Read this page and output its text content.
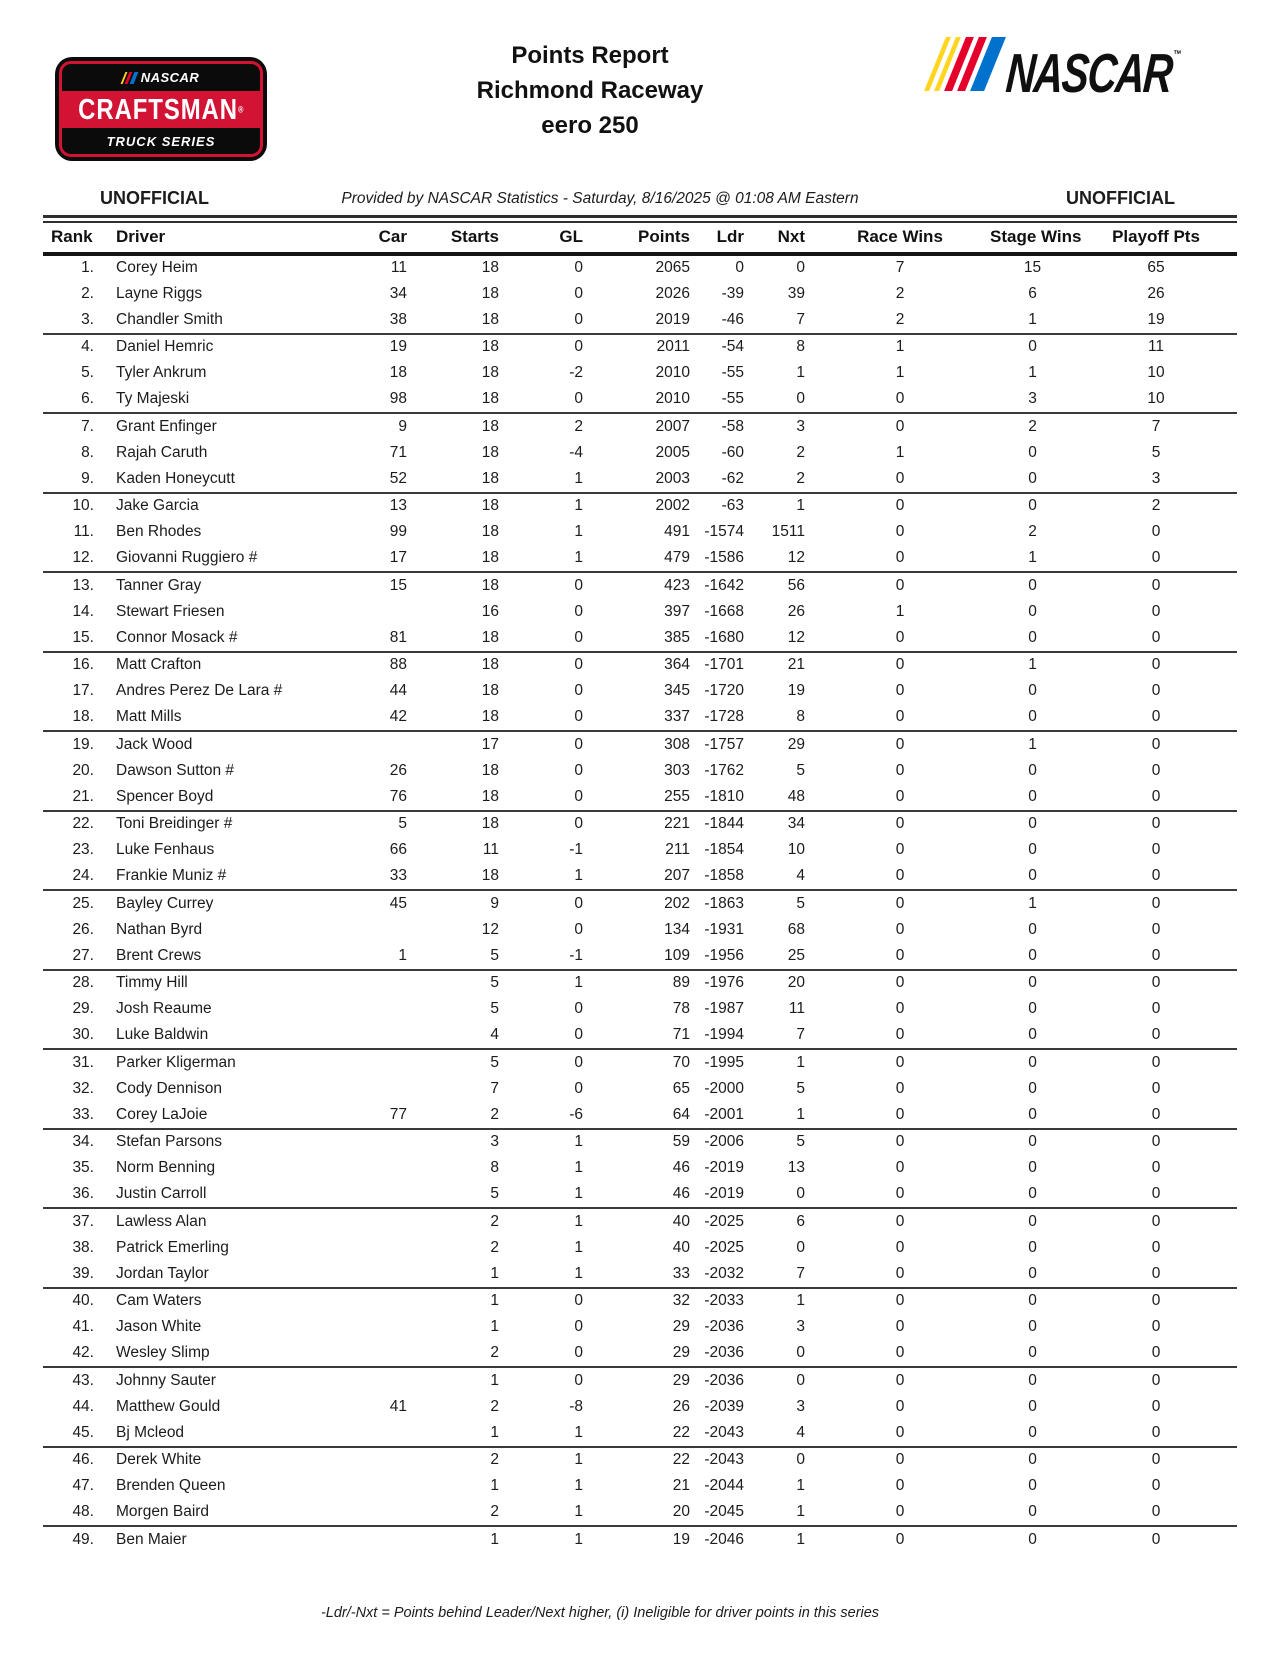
NASCAR
CRAFTSMAN®
TRUCK SERIES
Points Report
Richmond Raceway
eero 250
NASCAR™
UNOFFICIAL	Provided by NASCAR Statistics - Saturday, 8/16/2025 @ 01:08 AM Eastern	UNOFFICIAL
Rank	Driver	Car	Starts	GL	Points	Ldr	Nxt	Race Wins	Stage Wins	Playoff Pts
1.	Corey Heim	11	18	0	2065	0	0	7	15	65
2.	Layne Riggs	34	18	0	2026	-39	39	2	6	26
3.	Chandler Smith	38	18	0	2019	-46	7	2	1	19
4.	Daniel Hemric	19	18	0	2011	-54	8	1	0	11
5.	Tyler Ankrum	18	18	-2	2010	-55	1	1	1	10
6.	Ty Majeski	98	18	0	2010	-55	0	0	3	10
7.	Grant Enfinger	9	18	2	2007	-58	3	0	2	7
8.	Rajah Caruth	71	18	-4	2005	-60	2	1	0	5
9.	Kaden Honeycutt	52	18	1	2003	-62	2	0	0	3
10.	Jake Garcia	13	18	1	2002	-63	1	0	0	2
11.	Ben Rhodes	99	18	1	491	-1574	1511	0	2	0
12.	Giovanni Ruggiero #	17	18	1	479	-1586	12	0	1	0
13.	Tanner Gray	15	18	0	423	-1642	56	0	0	0
14.	Stewart Friesen		16	0	397	-1668	26	1	0	0
15.	Connor Mosack #	81	18	0	385	-1680	12	0	0	0
16.	Matt Crafton	88	18	0	364	-1701	21	0	1	0
17.	Andres Perez De Lara #	44	18	0	345	-1720	19	0	0	0
18.	Matt Mills	42	18	0	337	-1728	8	0	0	0
19.	Jack Wood		17	0	308	-1757	29	0	1	0
20.	Dawson Sutton #	26	18	0	303	-1762	5	0	0	0
21.	Spencer Boyd	76	18	0	255	-1810	48	0	0	0
22.	Toni Breidinger #	5	18	0	221	-1844	34	0	0	0
23.	Luke Fenhaus	66	11	-1	211	-1854	10	0	0	0
24.	Frankie Muniz #	33	18	1	207	-1858	4	0	0	0
25.	Bayley Currey	45	9	0	202	-1863	5	0	1	0
26.	Nathan Byrd		12	0	134	-1931	68	0	0	0
27.	Brent Crews	1	5	-1	109	-1956	25	0	0	0
28.	Timmy Hill		5	1	89	-1976	20	0	0	0
29.	Josh Reaume		5	0	78	-1987	11	0	0	0
30.	Luke Baldwin		4	0	71	-1994	7	0	0	0
31.	Parker Kligerman		5	0	70	-1995	1	0	0	0
32.	Cody Dennison		7	0	65	-2000	5	0	0	0
33.	Corey LaJoie	77	2	-6	64	-2001	1	0	0	0
34.	Stefan Parsons		3	1	59	-2006	5	0	0	0
35.	Norm Benning		8	1	46	-2019	13	0	0	0
36.	Justin Carroll		5	1	46	-2019	0	0	0	0
37.	Lawless Alan		2	1	40	-2025	6	0	0	0
38.	Patrick Emerling		2	1	40	-2025	0	0	0	0
39.	Jordan Taylor		1	1	33	-2032	7	0	0	0
40.	Cam Waters		1	0	32	-2033	1	0	0	0
41.	Jason White		1	0	29	-2036	3	0	0	0
42.	Wesley Slimp		2	0	29	-2036	0	0	0	0
43.	Johnny Sauter		1	0	29	-2036	0	0	0	0
44.	Matthew Gould	41	2	-8	26	-2039	3	0	0	0
45.	Bj Mcleod		1	1	22	-2043	4	0	0	0
46.	Derek White		2	1	22	-2043	0	0	0	0
47.	Brenden Queen		1	1	21	-2044	1	0	0	0
48.	Morgen Baird		2	1	20	-2045	1	0	0	0
49.	Ben Maier		1	1	19	-2046	1	0	0	0
-Ldr/-Nxt = Points behind Leader/Next higher, (i) Ineligible for driver points in this series
